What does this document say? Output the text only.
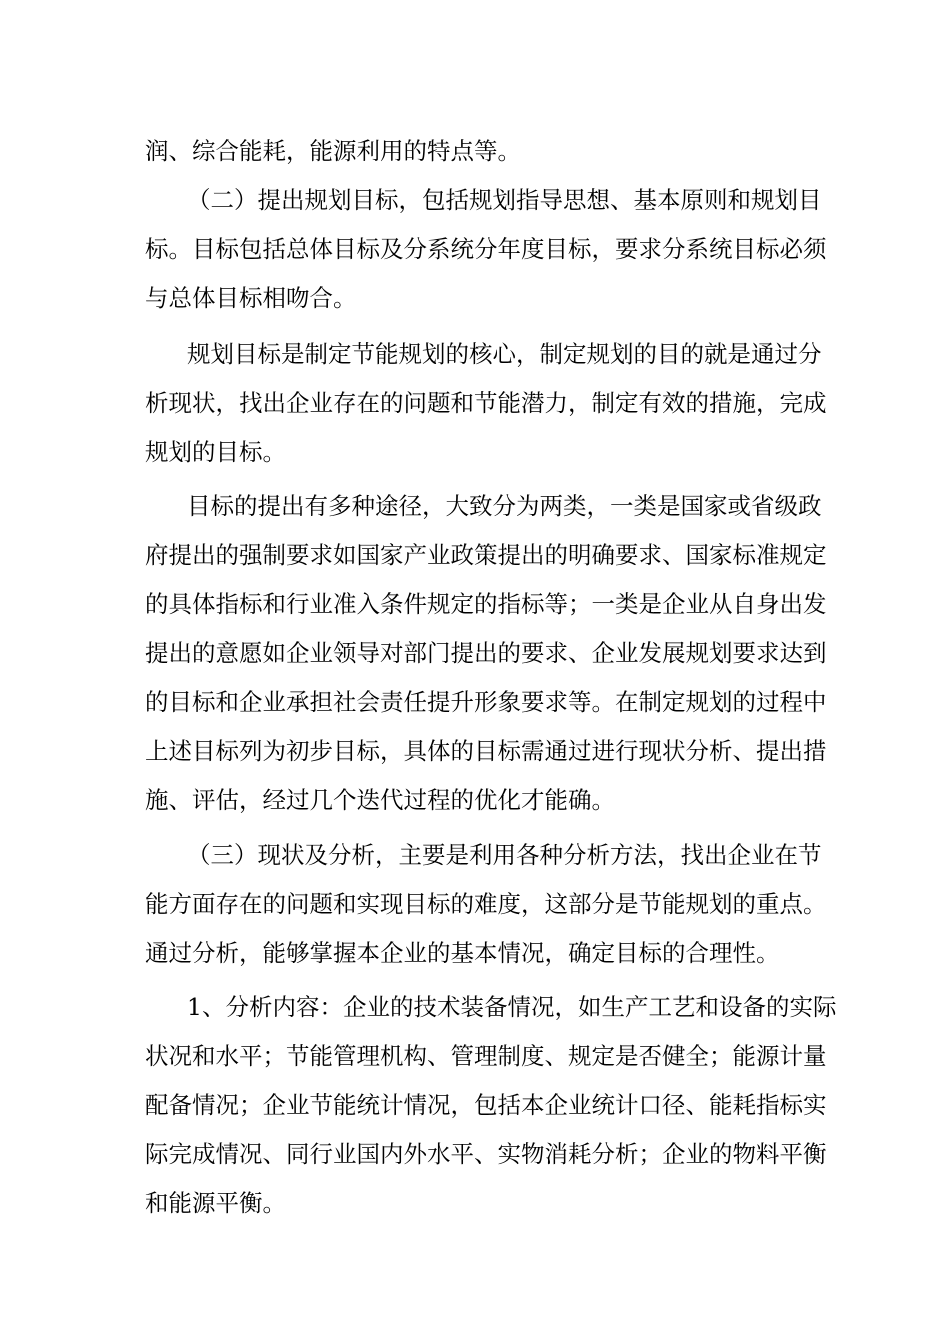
润、综合能耗，能源利用的特点等。
（二）提出规划目标，包括规划指导思想、基本原则和规划目
标。目标包括总体目标及分系统分年度目标，要求分系统目标必须
与总体目标相吻合。
规划目标是制定节能规划的核心，制定规划的目的就是通过分
析现状，找出企业存在的问题和节能潜力，制定有效的措施，完成
规划的目标。
目标的提出有多种途径，大致分为两类，一类是国家或省级政
府提出的强制要求如国家产业政策提出的明确要求、国家标准规定
的具体指标和行业准入条件规定的指标等；一类是企业从自身出发
提出的意愿如企业领导对部门提出的要求、企业发展规划要求达到
的目标和企业承担社会责任提升形象要求等。在制定规划的过程中
上述目标列为初步目标，具体的目标需通过进行现状分析、提出措
施、评估，经过几个迭代过程的优化才能确。
（三）现状及分析，主要是利用各种分析方法，找出企业在节
能方面存在的问题和实现目标的难度，这部分是节能规划的重点。
通过分析，能够掌握本企业的基本情况，确定目标的合理性。
1、分析内容：企业的技术装备情况，如生产工艺和设备的实际
状况和水平；节能管理机构、管理制度、规定是否健全；能源计量
配备情况；企业节能统计情况，包括本企业统计口径、能耗指标实
际完成情况、同行业国内外水平、实物消耗分析；企业的物料平衡
和能源平衡。
